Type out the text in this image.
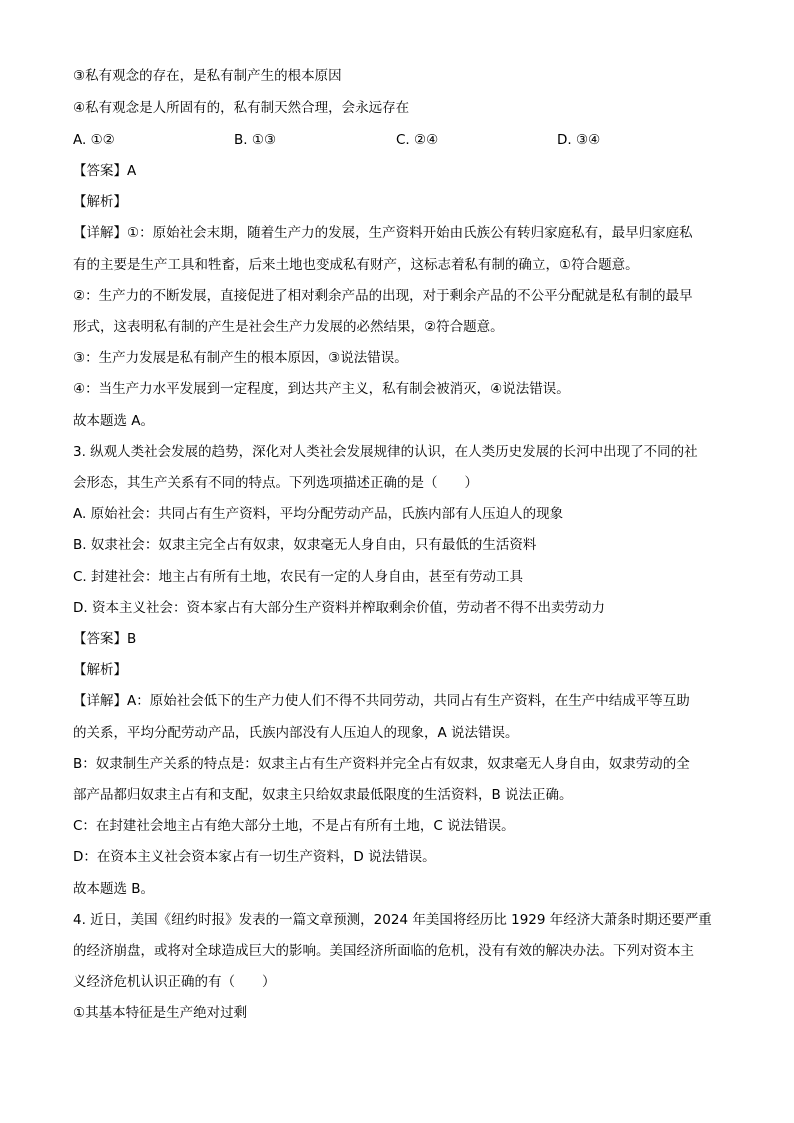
③私有观念的存在，是私有制产生的根本原因
④私有观念是人所固有的，私有制天然合理，会永远存在
A. ①②	B. ①③	C. ②④	D. ③④
【答案】A
【解析】
【详解】①：原始社会末期，随着生产力的发展，生产资料开始由氏族公有转归家庭私有，最早归家庭私
有的主要是生产工具和牲畜，后来土地也变成私有财产，这标志着私有制的确立，①符合题意。
②：生产力的不断发展，直接促进了相对剩余产品的出现，对于剩余产品的不公平分配就是私有制的最早
形式，这表明私有制的产生是社会生产力发展的必然结果，②符合题意。
③：生产力发展是私有制产生的根本原因，③说法错误。
④：当生产力水平发展到一定程度，到达共产主义，私有制会被消灭，④说法错误。
故本题选 A。
3. 纵观人类社会发展的趋势，深化对人类社会发展规律的认识，在人类历史发展的长河中出现了不同的社
会形态，其生产关系有不同的特点。下列选项描述正确的是（　　）
A. 原始社会：共同占有生产资料，平均分配劳动产品，氏族内部有人压迫人的现象
B. 奴隶社会：奴隶主完全占有奴隶，奴隶毫无人身自由，只有最低的生活资料
C. 封建社会：地主占有所有土地，农民有一定的人身自由，甚至有劳动工具
D. 资本主义社会：资本家占有大部分生产资料并榨取剩余价值，劳动者不得不出卖劳动力
【答案】B
【解析】
【详解】A：原始社会低下的生产力使人们不得不共同劳动，共同占有生产资料，在生产中结成平等互助
的关系，平均分配劳动产品，氏族内部没有人压迫人的现象，A 说法错误。
B：奴隶制生产关系的特点是：奴隶主占有生产资料并完全占有奴隶，奴隶毫无人身自由，奴隶劳动的全
部产品都归奴隶主占有和支配，奴隶主只给奴隶最低限度的生活资料，B 说法正确。
C：在封建社会地主占有绝大部分土地，不是占有所有土地，C 说法错误。
D：在资本主义社会资本家占有一切生产资料，D 说法错误。
故本题选 B。
4. 近日，美国《纽约时报》发表的一篇文章预测，2024 年美国将经历比 1929 年经济大萧条时期还要严重
的经济崩盘，或将对全球造成巨大的影响。美国经济所面临的危机，没有有效的解决办法。下列对资本主
义经济危机认识正确的有（　　）
①其基本特征是生产绝对过剩
